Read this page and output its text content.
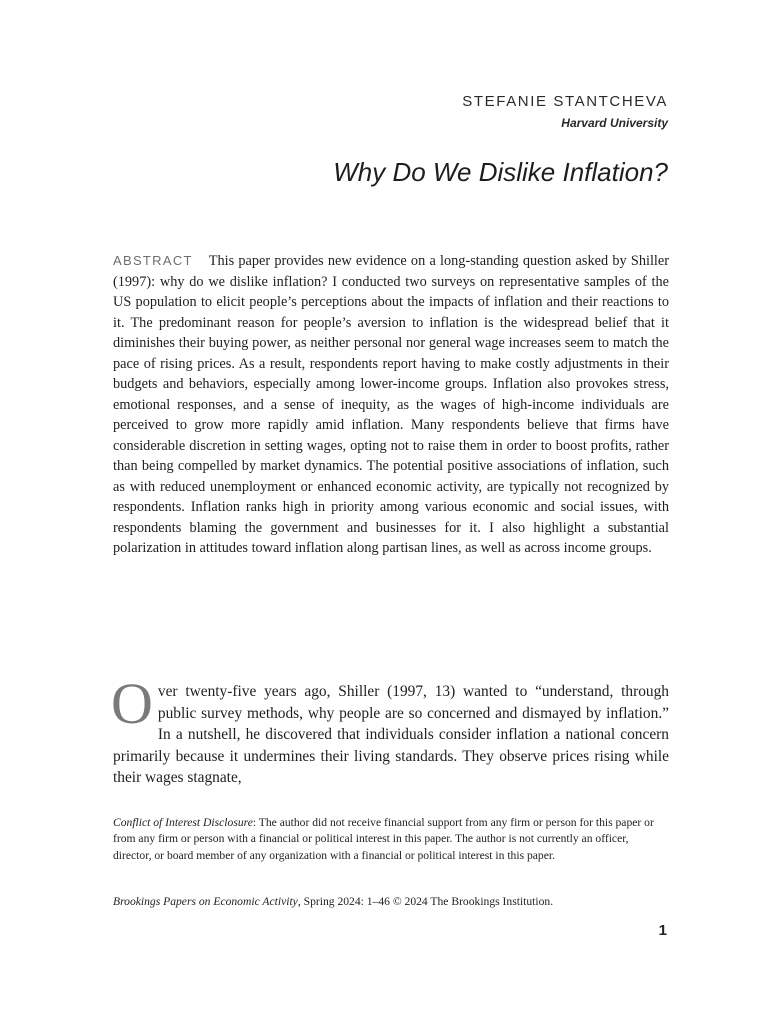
STEFANIE STANTCHEVA
Harvard University
Why Do We Dislike Inflation?

ABSTRACT This paper provides new evidence on a long-standing question asked by Shiller (1997): why do we dislike inflation? I conducted two surveys on representative samples of the US population to elicit people’s perceptions about the impacts of inflation and their reactions to it. The predominant reason for people’s aversion to inflation is the widespread belief that it diminishes their buying power, as neither personal nor general wage increases seem to match the pace of rising prices. As a result, respondents report having to make costly adjustments in their budgets and behaviors, especially among lower-income groups. Inflation also provokes stress, emotional responses, and a sense of inequity, as the wages of high-income individuals are perceived to grow more rapidly amid inflation. Many respondents believe that firms have considerable discretion in setting wages, opting not to raise them in order to boost profits, rather than being compelled by market dynamics. The potential positive associations of inflation, such as with reduced unemployment or enhanced economic activity, are typically not recognized by respondents. Inflation ranks high in priority among various economic and social issues, with respondents blaming the government and businesses for it. I also highlight a substantial polarization in attitudes toward inflation along partisan lines, as well as across income groups.

Over twenty-five years ago, Shiller (1997, 13) wanted to “understand, through public survey methods, why people are so concerned and dismayed by inflation.” In a nutshell, he discovered that individuals consider inflation a national concern primarily because it undermines their living standards. They observe prices rising while their wages stagnate,

Conflict of Interest Disclosure: The author did not receive financial support from any firm or person for this paper or from any firm or person with a financial or political interest in this paper. The author is not currently an officer, director, or board member of any organization with a financial or political interest in this paper.

Brookings Papers on Economic Activity, Spring 2024: 1–46 © 2024 The Brookings Institution.

1
